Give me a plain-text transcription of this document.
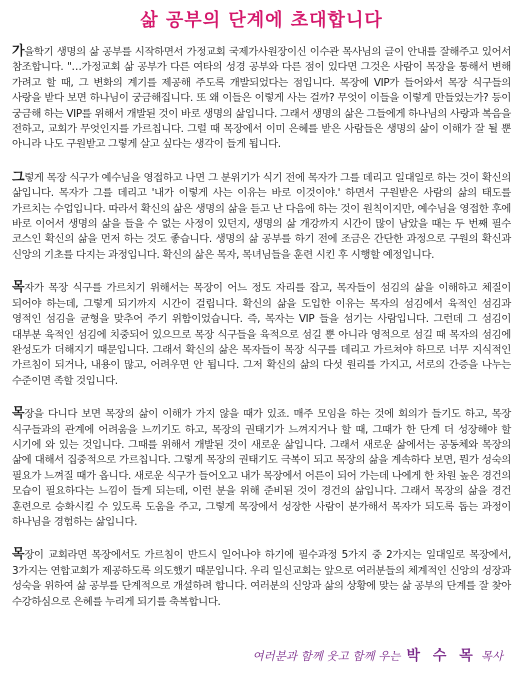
삶 공부의 단계에 초대합니다
가을학기 생명의 삶 공부를 시작하면서 가정교회 국제가사원장이신 이수관 목사님의 글이 안내를 잘해주고 있어서 참조합니다. "…가정교회 삶 공부가 다른 여타의 성경 공부와 다른 점이 있다면 그것은 사람이 목장을 통해서 변해 가려고 할 때, 그 변화의 계기를 제공해 주도록 개발되었다는 점입니다. 목장에 VIP가 들어와서 목장 식구들의 사랑을 받다 보면 하나님이 궁금해집니다. 또 왜 이들은 이렇게 사는 걸까? 무엇이 이들을 이렇게 만들었는가? 등이 궁금해 하는 VIP를 위해서 개발된 것이 바로 생명의 삶입니다. 그래서 생명의 삶은 그들에게 하나님의 사랑과 복음을 전하고, 교회가 무엇인지를 가르칩니다. 그럴 때 목장에서 이미 은혜를 받은 사람들은 생명의 삶이 이해가 잘 될 뿐 아니라 나도 구원받고 그렇게 살고 싶다는 생각이 들게 됩니다.
그렇게 목장 식구가 예수님을 영접하고 나면 그 분위기가 식기 전에 목자가 그를 데리고 일대일로 하는 것이 확신의 삶입니다. 목자가 그를 데리고 '내가 이렇게 사는 이유는 바로 이것이야.' 하면서 구원받은 사람의 삶의 태도를 가르치는 수업입니다. 따라서 확신의 삶은 생명의 삶을 듣고 난 다음에 하는 것이 원칙이지만, 예수님을 영접한 후에 바로 이어서 생명의 삶을 들을 수 없는 사정이 있던지, 생명의 삶 개강까지 시간이 많이 남았을 때는 두 번째 필수 코스인 확신의 삶을 먼저 하는 것도 좋습니다. 생명의 삶 공부를 하기 전에 조금은 간단한 과정으로 구원의 확신과 신앙의 기초를 다지는 과정입니다. 확신의 삶은 목자, 목녀님들을 훈련 시킨 후 시행할 예정입니다.
목자가 목장 식구를 가르치기 위해서는 목장이 어느 정도 자리를 잡고, 목자들이 섬김의 삶을 이해하고 체질이 되어야 하는데, 그렇게 되기까지 시간이 걸립니다. 확신의 삶을 도입한 이유는 목자의 섬김에서 육적인 섬김과 영적인 섬김을 균형을 맞추어 주기 위함이었습니다. 즉, 목자는 VIP 들을 섬기는 사람입니다. 그런데 그 섬김이 대부분 육적인 섬김에 치중되어 있으므로 목장 식구들을 육적으로 섬길 뿐 아니라 영적으로 섬길 때 목자의 섬김에 완성도가 더해지기 때문입니다. 그래서 확신의 삶은 목자들이 목장 식구를 데리고 가르쳐야 하므로 너무 지식적인 가르침이 되거나, 내용이 많고, 어려우면 안 됩니다. 그저 확신의 삶의 다섯 원리를 가지고, 서로의 간증을 나누는 수준이면 족할 것입니다.
목장을 다니다 보면 목장의 삶이 이해가 가지 않을 때가 있죠. 매주 모임을 하는 것에 회의가 들기도 하고, 목장 식구들과의 관계에 어려움을 느끼기도 하고, 목장의 권태기가 느껴지거나 할 때, 그때가 한 단계 더 성장해야 할 시기에 와 있는 것입니다. 그때를 위해서 개발된 것이 새로운 삶입니다. 그래서 새로운 삶에서는 공동체와 목장의 삶에 대해서 집중적으로 가르칩니다. 그렇게 목장의 권태기도 극복이 되고 목장의 삶을 계속하다 보면, 뭔가 성숙의 필요가 느껴질 때가 옵니다. 새로운 식구가 들어오고 내가 목장에서 어른이 되어 가는데 나에게 한 차원 높은 경건의 모습이 필요하다는 느낌이 들게 되는데, 이런 분을 위해 준비된 것이 경건의 삶입니다. 그래서 목장의 삶을 경건 훈련으로 승화시킬 수 있도록 도움을 주고, 그렇게 목장에서 성장한 사람이 분가해서 목자가 되도록 돕는 과정이 하나님을 경험하는 삶입니다.
목장이 교회라면 목장에서도 가르침이 반드시 일어나야 하기에 필수과정 5가지 중 2가지는 일대일로 목장에서, 3가지는 연합교회가 제공하도록 의도했기 때문입니다. 우리 일신교회는 앞으로 여러분들의 체계적인 신앙의 성장과 성숙을 위하여 삶 공부를 단계적으로 개설하려 합니다. 여러분의 신앙과 삶의 상황에 맞는 삶 공부의 단계를 잘 찾아 수강하심으로 은혜를 누리게 되기를 축복합니다.
여러분과 함께 웃고 함께 우는 박 수 목 목사
